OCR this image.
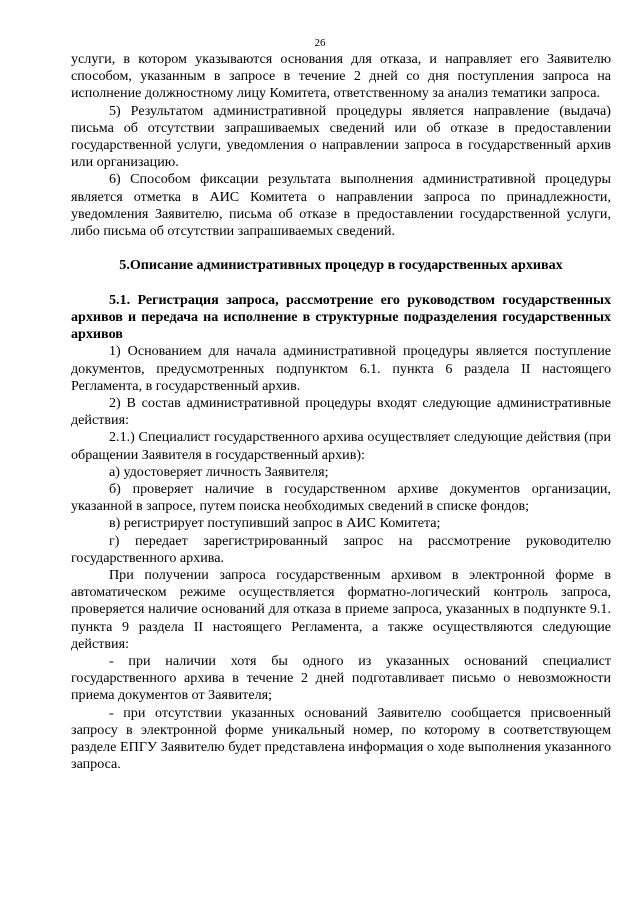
26

услуги, в котором указываются основания для отказа, и направляет его Заявителю способом, указанным в запросе в течение 2 дней со дня поступления запроса на исполнение должностному лицу Комитета, ответственному за анализ тематики запроса.

5) Результатом административной процедуры является направление (выдача) письма об отсутствии запрашиваемых сведений или об отказе в предоставлении государственной услуги, уведомления о направлении запроса в государственный архив или организацию.

6) Способом фиксации результата выполнения административной процедуры является отметка в АИС Комитета о направлении запроса по принадлежности, уведомления Заявителю, письма об отказе в предоставлении государственной услуги, либо письма об отсутствии запрашиваемых сведений.

5.Описание административных процедур в государственных архивах

5.1. Регистрация запроса, рассмотрение его руководством государственных архивов и передача на исполнение в структурные подразделения государственных архивов

1) Основанием для начала административной процедуры является поступление документов, предусмотренных подпунктом 6.1. пункта 6 раздела II настоящего Регламента, в государственный архив.

2) В состав административной процедуры входят следующие административные действия:

2.1.) Специалист государственного архива осуществляет следующие действия (при обращении Заявителя в государственный архив):

а) удостоверяет личность Заявителя;

б) проверяет наличие в государственном архиве документов организации, указанной в запросе, путем поиска необходимых сведений в списке фондов;

в) регистрирует поступивший запрос в АИС Комитета;

г) передает зарегистрированный запрос на рассмотрение руководителю государственного архива.

При получении запроса государственным архивом в электронной форме в автоматическом режиме осуществляется форматно-логический контроль запроса, проверяется наличие оснований для отказа в приеме запроса, указанных в подпункте 9.1. пункта 9 раздела II настоящего Регламента, а также осуществляются следующие действия:

- при наличии хотя бы одного из указанных оснований специалист государственного архива в течение 2 дней подготавливает письмо о невозможности приема документов от Заявителя;

- при отсутствии указанных оснований Заявителю сообщается присвоенный запросу в электронной форме уникальный номер, по которому в соответствующем разделе ЕПГУ Заявителю будет представлена информация о ходе выполнения указанного запроса.
